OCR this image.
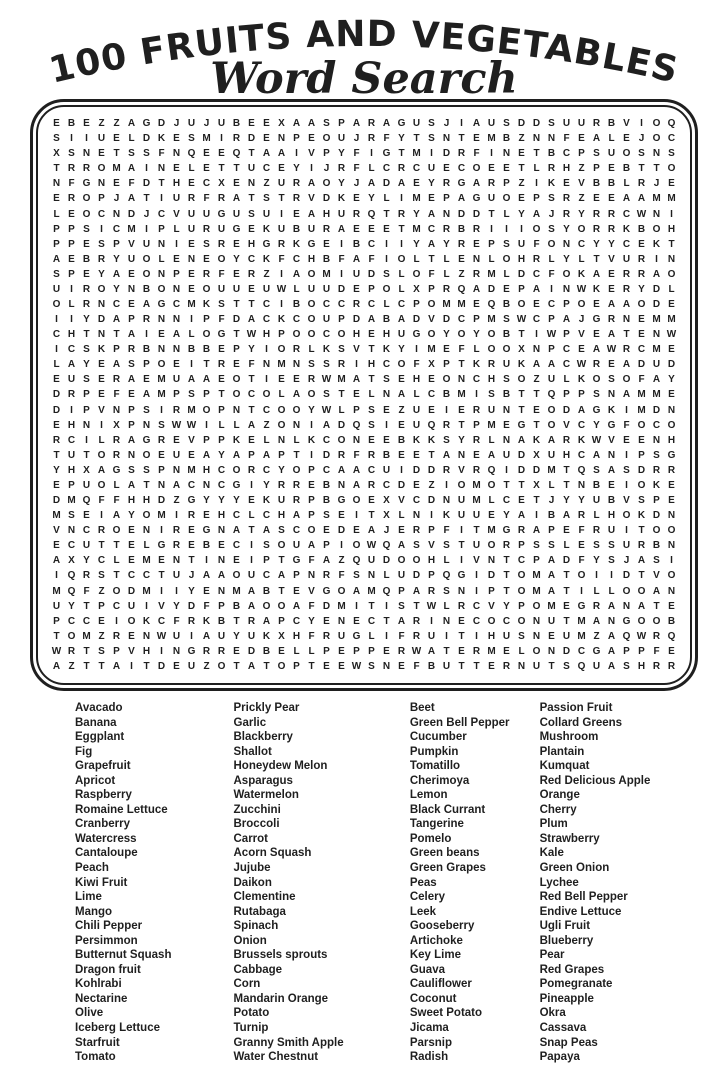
100 FRUITS AND VEGETABLES
Word Search
E B E Z Z A G D J U J U B E E X A A S P A R A G U S J	I A U S D D S U U R B V	I O Q
S	I	I U E L D K E S M I R D E N P E O U J R F Y T S N T E M B Z N N F E A L E J O C
X S N E T S S F N Q E E Q T A A	I	V P Y F	I G T M I D R F	I N E T B C P S U O S N S
T R R O M A	I N E L E T T U C E Y	I	J R F L C R C U E C O E E T L R H Z P E B T T O
N F G N E F D T H E C X E N Z U R A O Y J A D A E Y R G A R P Z	I K E V B B L R J E
E R O P J A T	I U R F R A T S T R V D K E Y L	I M E P A G U O E P S R Z E E A A M M
L E O C N D J C V U U G U S U	I	E A H U R Q T R Y A N D D T L Y A J R Y R R C W N	I
P P S	I C M I	P L U R U G E K U B U R A E E E T M C R B R	I	I	I O S Y O R R K B O H
P P E S P V U N	I	E S R E H G R K G E	I B C	I	I	Y A Y R E P S U F O N C Y Y C E K T
A E B R Y U O L E N E O Y C K F C H B F A F	I O L T L E N L O H R L Y L T V U R	I N
S P E Y A E O N P E R F E R Z	I A O M I U D S L O F L Z R M L D C F O K A E R R A O
U	I R O Y N B O N E O U U E U W L U U D E P O L X P R Q A D E P A	I N W K E R Y D L
O L R N C E A G C M K S T T C	I B O C C R C L C P O M M E Q B O E C P O E A A O D E
I	I	Y D A P R N N	I	P F D A C K C O U P D A B A D V D C P M S W C P A J G R N E M M
C H T N T A	I	E A L O G T W H P O O C O H E H U G O Y O Y O B T	I W P V E A T E N W
I C S K P R B N N B B E P Y	I O R L K S V T K Y	I M E F L O O X N P C E A W R C M E
L A Y E A S P O E	I	T R E F N M N S S R	I H C O F X P T K R U K A A C W R E A D U D
E U S E R A E M U A A E O T	I	E E R W M A T S E H E O N C H S O Z U L K O S O F A Y
D R P E F E A M P S P T O C O L A O S T E L N A L C B M I	S B T T Q P P S N A M M E
D	I	P V N P S	I R M O P N T C O O Y W L P S E Z U E	I	E R U N T E O D A G K	I M D N
E H N	I	X P N S W W I	L L A Z O N	I A D Q S	I	E U Q R T P M E G T O V C Y G F O C O
R C	I	L R A G R E V P P K E L N L K C O N E E B K K S Y R L N A K A R K W V E E N H
T U T O R N O E U E A Y A P A P T	I D R F R B E E T A N E A U D X U H C A N	I	P S G
Y H X A G S S P N M H C O R C Y O P C A A C U	I D D R V R Q I D D M T Q S A S D R R
E P U O L A T N A C N C G I	Y R R E B N A R C D E Z	I O M O T T X L T N B E	I O K E
D M Q F F H H D Z G Y Y Y E K U R P B G O E X V C D N U M L C E T J Y Y U B V S P E
M S E	I A Y O M I R E H C L C H A P S E	I	T X L N	I K U U E Y A	I B A R L H O K D N
V N C R O E N	I R E G N A T A S C O E D E A J E R P F	I	T M G R A P E F R U	I	T O O
E C U T T E L G R E B E C	I	S O U A P	I O W Q A S V S T U O R P S S L E S S U R B N
A X Y C L E M E N T	I N E	I	P T G F A Z Q U D O O H L	I	V N T C P A D F Y S J A S	I
I Q R S T C C T U J A A O U C A P N R F S N L U D P Q G I D T O M A T O I	I D T V O
M Q F Z O D M I	I	Y E N M A B T E V G O A M Q P A R S N	I	P T O M A T	I	L L O O A N
U Y T P C U	I	V Y D F P B A O O A F D M I	T	I	S T W L R C V Y P O M E G R A N A T E
P C C E	I O K C F R K B T R A P C Y E N E C T A R	I N E C O C O N U T M A N G O O B
T O M Z R E N W U	I A U Y U K X H F R U G L	I	F R U	I	T	I H U S N E U M Z A Q W R Q
W R T S P V H	I N G R R E D B E L L P E P P E R W A T E R M E L O N D C G A P P F E
A Z T T A	I	T D E U Z O T A T O P T E E W S N E F B U T T E R N U T S Q U A S H R R
Avacado
Banana
Eggplant
Fig
Grapefruit
Apricot
Raspberry
Romaine Lettuce
Cranberry
Watercress
Cantaloupe
Peach
Kiwi Fruit
Lime
Mango
Chili Pepper
Persimmon
Butternut Squash
Dragon fruit
Kohlrabi
Nectarine
Olive
Iceberg Lettuce
Starfruit
Tomato
Prickly Pear
Garlic
Blackberry
Shallot
Honeydew Melon
Asparagus
Watermelon
Zucchini
Broccoli
Carrot
Acorn Squash
Jujube
Daikon
Clementine
Rutabaga
Spinach
Onion
Brussels sprouts
Cabbage
Corn
Mandarin Orange
Potato
Turnip
Granny Smith Apple
Water Chestnut
Beet
Green Bell Pepper
Cucumber
Pumpkin
Tomatillo
Cherimoya
Lemon
Black Currant
Tangerine
Pomelo
Green beans
Green Grapes
Peas
Celery
Leek
Gooseberry
Artichoke
Key Lime
Guava
Cauliflower
Coconut
Sweet Potato
Jicama
Parsnip
Radish
Passion Fruit
Collard Greens
Mushroom
Plantain
Kumquat
Red Delicious Apple
Orange
Cherry
Plum
Strawberry
Kale
Green Onion
Lychee
Red Bell Pepper
Endive Lettuce
Ugli Fruit
Blueberry
Pear
Red Grapes
Pomegranate
Pineapple
Okra
Cassava
Snap Peas
Papaya
